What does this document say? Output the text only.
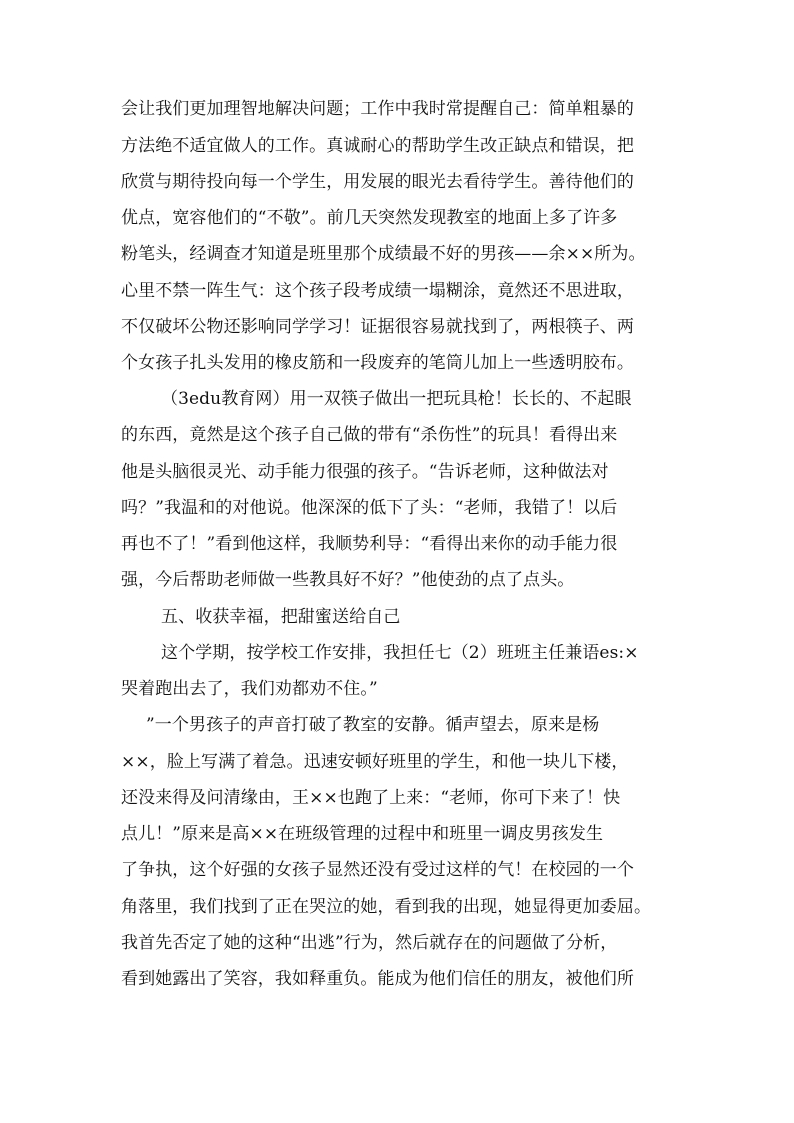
会让我们更加理智地解决问题；工作中我时常提醒自己：简单粗暴的
方法绝不适宜做人的工作。真诚耐心的帮助学生改正缺点和错误，把
欣赏与期待投向每一个学生，用发展的眼光去看待学生。善待他们的
优点，宽容他们的“不敬”。前几天突然发现教室的地面上多了许多
粉笔头，经调查才知道是班里那个成绩最不好的男孩——余××所为。
心里不禁一阵生气：这个孩子段考成绩一塌糊涂，竟然还不思进取，
不仅破坏公物还影响同学学习！证据很容易就找到了，两根筷子、两
个女孩子扎头发用的橡皮筋和一段废弃的笔筒儿加上一些透明胶布。
（3edu教育网）用一双筷子做出一把玩具枪！长长的、不起眼
的东西，竟然是这个孩子自己做的带有“杀伤性”的玩具！看得出来
他是头脑很灵光、动手能力很强的孩子。“告诉老师，这种做法对
吗？”我温和的对他说。他深深的低下了头：“老师，我错了！以后
再也不了！”看到他这样，我顺势利导：“看得出来你的动手能力很
强，今后帮助老师做一些教具好不好？”他使劲的点了点头。
五、收获幸福，把甜蜜送给自己
这个学期，按学校工作安排，我担任七（2）班班主任兼语es:×
哭着跑出去了，我们劝都劝不住。”
”一个男孩子的声音打破了教室的安静。循声望去，原来是杨
××，脸上写满了着急。迅速安顿好班里的学生，和他一块儿下楼，
还没来得及问清缘由，王××也跑了上来：“老师，你可下来了！快
点儿！”原来是高××在班级管理的过程中和班里一调皮男孩发生
了争执，这个好强的女孩子显然还没有受过这样的气！在校园的一个
角落里，我们找到了正在哭泣的她，看到我的出现，她显得更加委屈。
我首先否定了她的这种“出逃”行为，然后就存在的问题做了分析，
看到她露出了笑容，我如释重负。能成为他们信任的朋友，被他们所
